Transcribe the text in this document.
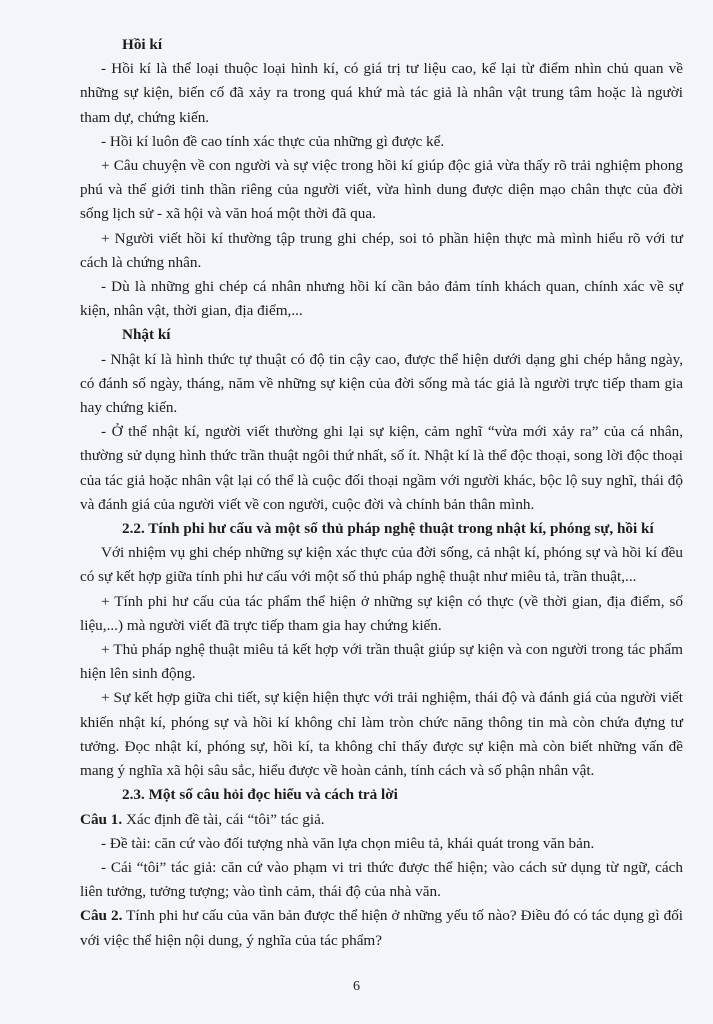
Hồi kí

- Hồi kí là thể loại thuộc loại hình kí, có giá trị tư liệu cao, kể lại từ điểm nhìn chủ quan về những sự kiện, biến cố đã xảy ra trong quá khứ mà tác giả là nhân vật trung tâm hoặc là người tham dự, chứng kiến.

- Hồi kí luôn đề cao tính xác thực của những gì được kể.

+ Câu chuyện về con người và sự việc trong hồi kí giúp độc giả vừa thấy rõ trải nghiệm phong phú và thế giới tinh thần riêng của người viết, vừa hình dung được diện mạo chân thực của đời sống lịch sử - xã hội và văn hoá một thời đã qua.

+ Người viết hồi kí thường tập trung ghi chép, soi tỏ phần hiện thực mà mình hiểu rõ với tư cách là chứng nhân.

- Dù là những ghi chép cá nhân nhưng hồi kí cần bảo đảm tính khách quan, chính xác về sự kiện, nhân vật, thời gian, địa điểm,...

Nhật kí

- Nhật kí là hình thức tự thuật có độ tin cậy cao, được thể hiện dưới dạng ghi chép hằng ngày, có đánh số ngày, tháng, năm về những sự kiện của đời sống mà tác giả là người trực tiếp tham gia hay chứng kiến.

- Ở thể nhật kí, người viết thường ghi lại sự kiện, cảm nghĩ “vừa mới xảy ra” của cá nhân, thường sử dụng hình thức trần thuật ngôi thứ nhất, số ít. Nhật kí là thể độc thoại, song lời độc thoại của tác giả hoặc nhân vật lại có thể là cuộc đối thoại ngầm với người khác, bộc lộ suy nghĩ, thái độ và đánh giá của người viết về con người, cuộc đời và chính bản thân mình.

2.2. Tính phi hư cấu và một số thủ pháp nghệ thuật trong nhật kí, phóng sự, hồi kí

Với nhiệm vụ ghi chép những sự kiện xác thực của đời sống, cả nhật kí, phóng sự và hồi kí đều có sự kết hợp giữa tính phi hư cấu với một số thủ pháp nghệ thuật như miêu tả, trần thuật,...

+ Tính phi hư cấu của tác phẩm thể hiện ở những sự kiện có thực (về thời gian, địa điểm, số liệu,...) mà người viết đã trực tiếp tham gia hay chứng kiến.

+ Thủ pháp nghệ thuật miêu tả kết hợp với trần thuật giúp sự kiện và con người trong tác phẩm hiện lên sinh động.

+ Sự kết hợp giữa chi tiết, sự kiện hiện thực với trải nghiệm, thái độ và đánh giá của người viết khiến nhật kí, phóng sự và hồi kí không chỉ làm tròn chức năng thông tin mà còn chứa đựng tư tưởng. Đọc nhật kí, phóng sự, hồi kí, ta không chỉ thấy được sự kiện mà còn biết những vấn đề mang ý nghĩa xã hội sâu sắc, hiểu được về hoàn cảnh, tính cách và số phận nhân vật.

2.3. Một số câu hỏi đọc hiểu và cách trả lời

Câu 1. Xác định đề tài, cái “tôi” tác giả.

- Đề tài: căn cứ vào đối tượng nhà văn lựa chọn miêu tả, khái quát trong văn bản.

- Cái “tôi” tác giả: căn cứ vào phạm vi tri thức được thể hiện; vào cách sử dụng từ ngữ, cách liên tưởng, tưởng tượng; vào tình cảm, thái độ của nhà văn.

Câu 2. Tính phi hư cấu của văn bản được thể hiện ở những yếu tố nào? Điều đó có tác dụng gì đối với việc thể hiện nội dung, ý nghĩa của tác phẩm?

6
